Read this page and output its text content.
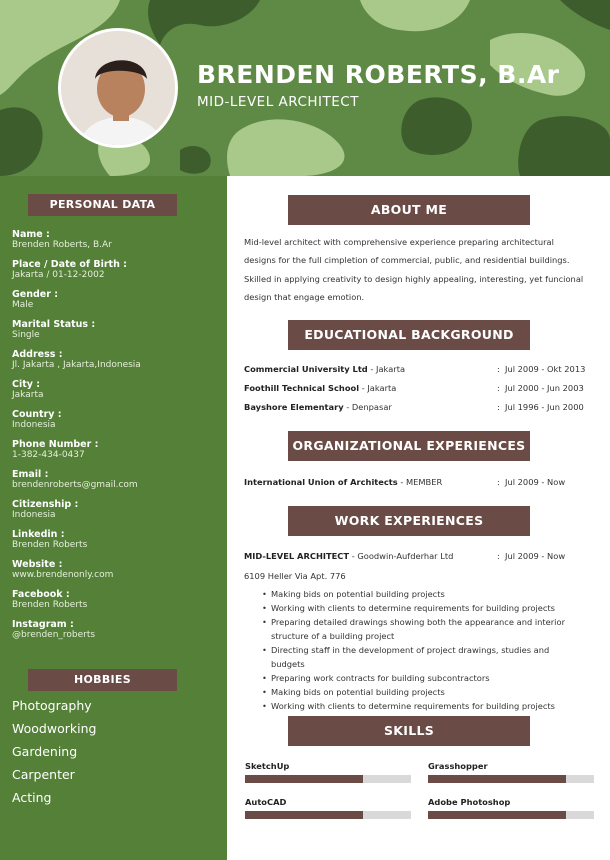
BRENDEN ROBERTS, B.Ar
MID-LEVEL ARCHITECT
PERSONAL DATA
Name :
Brenden Roberts, B.Ar
Place / Date of Birth :
Jakarta / 01-12-2002
Gender :
Male
Marital Status :
Single
Address :
Jl. Jakarta , Jakarta,Indonesia
City :
Jakarta
Country :
Indonesia
Phone Number :
1-382-434-0437
Email :
brendenroberts@gmail.com
Citizenship :
Indonesia
Linkedin :
Brenden Roberts
Website :
www.brendenonly.com
Facebook :
Brenden Roberts
Instagram :
@brenden_roberts
HOBBIES
Photography
Woodworking
Gardening
Carpenter
Acting
ABOUT ME
Mid-level architect with comprehensive experience preparing architectural designs for the full cimpletion of commercial, public, and residential buildings. Skilled in applying creativity to design highly appealing, interesting, yet funcional design that engage emotion.
EDUCATIONAL BACKGROUND
Commercial University Ltd - Jakarta	: Jul 2009 - Okt 2013
Foothill Technical School - Jakarta	: Jul 2000 - Jun 2003
Bayshore Elementary - Denpasar	: Jul 1996 - Jun 2000
ORGANIZATIONAL EXPERIENCES
International Union of Architects - MEMBER	: Jul 2009 - Now
WORK EXPERIENCES
MID-LEVEL ARCHITECT - Goodwin-Aufderhar Ltd	: Jul 2009 - Now
6109 Heller Via Apt. 776
• Making bids on potential building projects
• Working with clients to determine requirements for building projects
• Preparing detailed drawings showing both the appearance and interior structure of a building project
• Directing staff in the development of project drawings, studies and budgets
• Preparing work contracts for building subcontractors
• Making bids on potential building projects
• Working with clients to determine requirements for building projects
SKILLS
SketchUp	Grasshopper
AutoCAD	Adobe Photoshop
